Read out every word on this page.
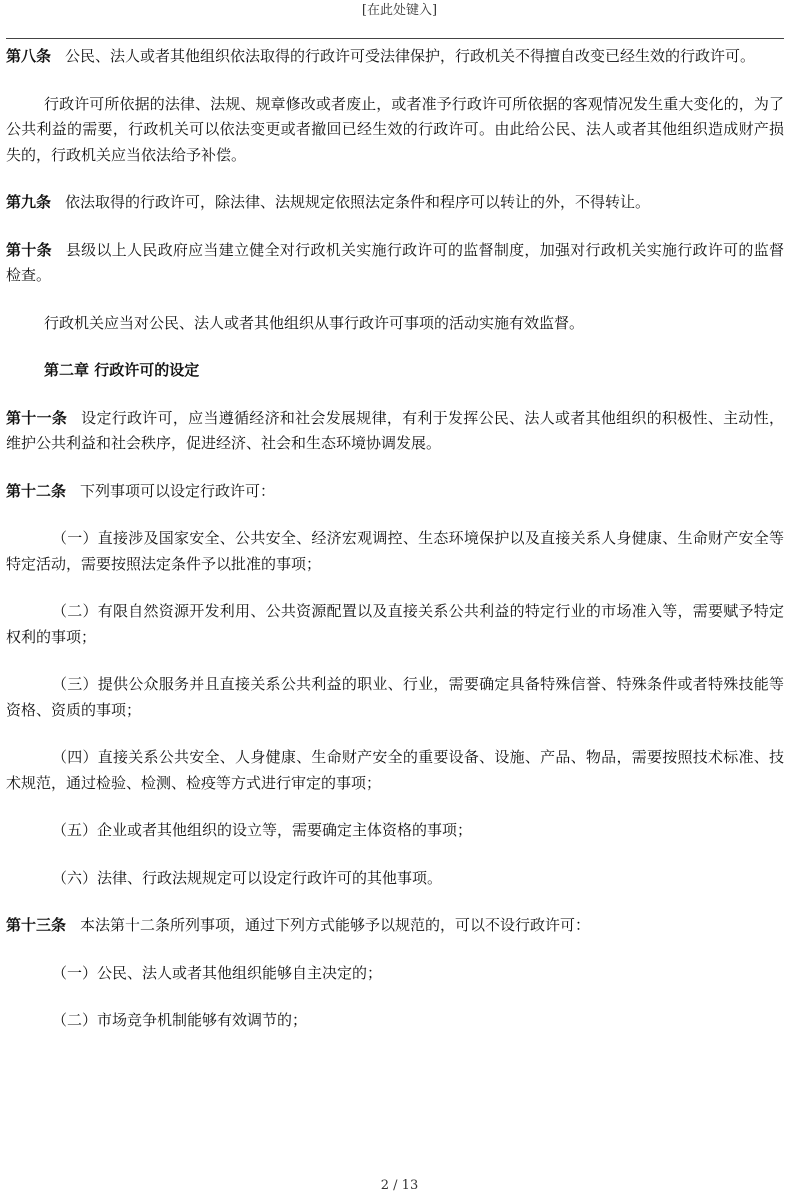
[在此处键入]

第八条 公民、法人或者其他组织依法取得的行政许可受法律保护，行政机关不得擅自改变已经生效的行政许可。

行政许可所依据的法律、法规、规章修改或者废止，或者准予行政许可所依据的客观情况发生重大变化的，为了公共利益的需要，行政机关可以依法变更或者撤回已经生效的行政许可。由此给公民、法人或者其他组织造成财产损失的，行政机关应当依法给予补偿。

第九条 依法取得的行政许可，除法律、法规规定依照法定条件和程序可以转让的外，不得转让。

第十条 县级以上人民政府应当建立健全对行政机关实施行政许可的监督制度，加强对行政机关实施行政许可的监督检查。

行政机关应当对公民、法人或者其他组织从事行政许可事项的活动实施有效监督。

第二章 行政许可的设定

第十一条 设定行政许可，应当遵循经济和社会发展规律，有利于发挥公民、法人或者其他组织的积极性、主动性，维护公共利益和社会秩序，促进经济、社会和生态环境协调发展。

第十二条 下列事项可以设定行政许可：

（一）直接涉及国家安全、公共安全、经济宏观调控、生态环境保护以及直接关系人身健康、生命财产安全等特定活动，需要按照法定条件予以批准的事项；

（二）有限自然资源开发利用、公共资源配置以及直接关系公共利益的特定行业的市场准入等，需要赋予特定权利的事项；

（三）提供公众服务并且直接关系公共利益的职业、行业，需要确定具备特殊信誉、特殊条件或者特殊技能等资格、资质的事项；

（四）直接关系公共安全、人身健康、生命财产安全的重要设备、设施、产品、物品，需要按照技术标准、技术规范，通过检验、检测、检疫等方式进行审定的事项；

（五）企业或者其他组织的设立等，需要确定主体资格的事项；

（六）法律、行政法规规定可以设定行政许可的其他事项。

第十三条 本法第十二条所列事项，通过下列方式能够予以规范的，可以不设行政许可：

（一）公民、法人或者其他组织能够自主决定的；

（二）市场竞争机制能够有效调节的；

2 / 13
